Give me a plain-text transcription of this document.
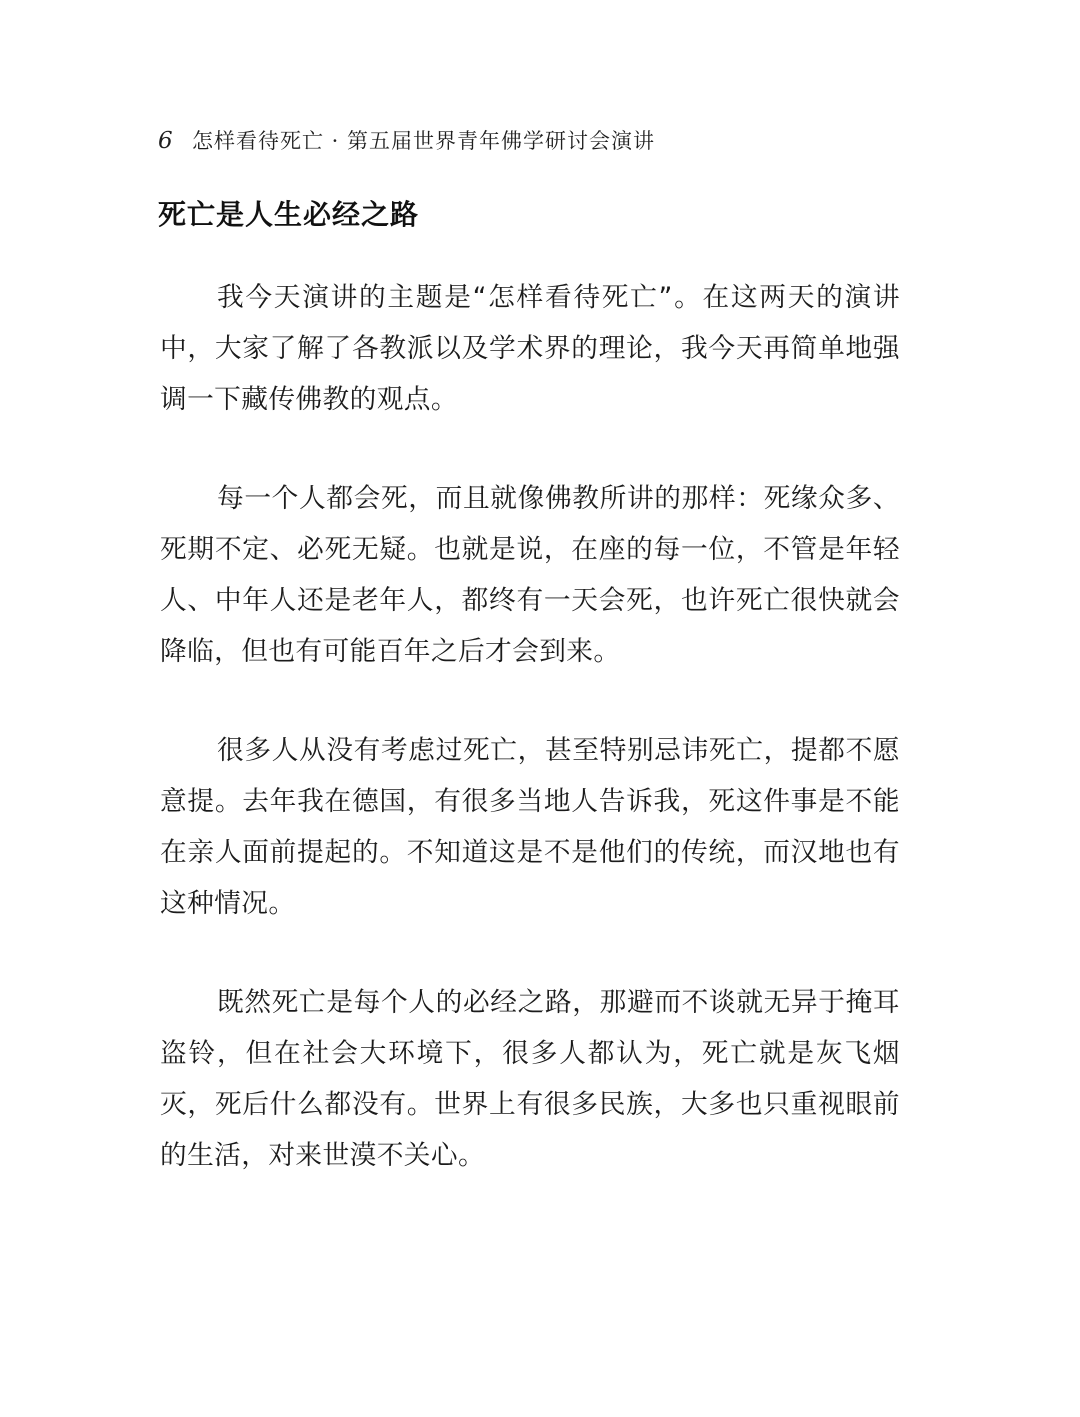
6 怎样看待死亡 · 第五届世界青年佛学研讨会演讲
死亡是人生必经之路

我今天演讲的主题是“怎样看待死亡”。在这两天的演讲中，大家了解了各教派以及学术界的理论，我今天再简单地强调一下藏传佛教的观点。

每一个人都会死，而且就像佛教所讲的那样：死缘众多、死期不定、必死无疑。也就是说，在座的每一位，不管是年轻人、中年人还是老年人，都终有一天会死，也许死亡很快就会降临，但也有可能百年之后才会到来。

很多人从没有考虑过死亡，甚至特别忌讳死亡，提都不愿意提。去年我在德国，有很多当地人告诉我，死这件事是不能在亲人面前提起的。不知道这是不是他们的传统，而汉地也有这种情况。

既然死亡是每个人的必经之路，那避而不谈就无异于掩耳盗铃，但在社会大环境下，很多人都认为，死亡就是灰飞烟灭，死后什么都没有。世界上有很多民族，大多也只重视眼前的生活，对来世漠不关心。
